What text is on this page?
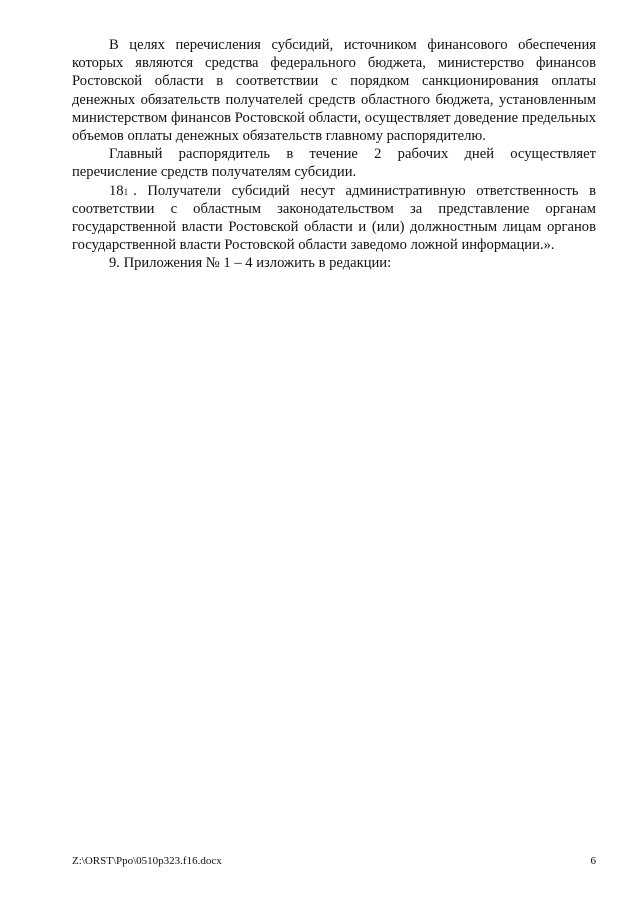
В целях перечисления субсидий, источником финансового обеспечения которых являются средства федерального бюджета, министерство финансов Ростовской области в соответствии с порядком санкционирования оплаты денежных обязательств получателей средств областного бюджета, установленным министерством финансов Ростовской области, осуществляет доведение предельных объемов оплаты денежных обязательств главному распорядителю.

Главный распорядитель в течение 2 рабочих дней осуществляет перечисление средств получателям субсидии.

$18^1$ . Получатели субсидий несут административную ответственность в соответствии с областным законодательством за представление органам государственной власти Ростовской области и (или) должностным лицам органов государственной власти Ростовской области заведомо ложной информации.».

9. Приложения № 1 – 4 изложить в редакции:

Z:\ORST\Ppo\0510p323.f16.docx	6
